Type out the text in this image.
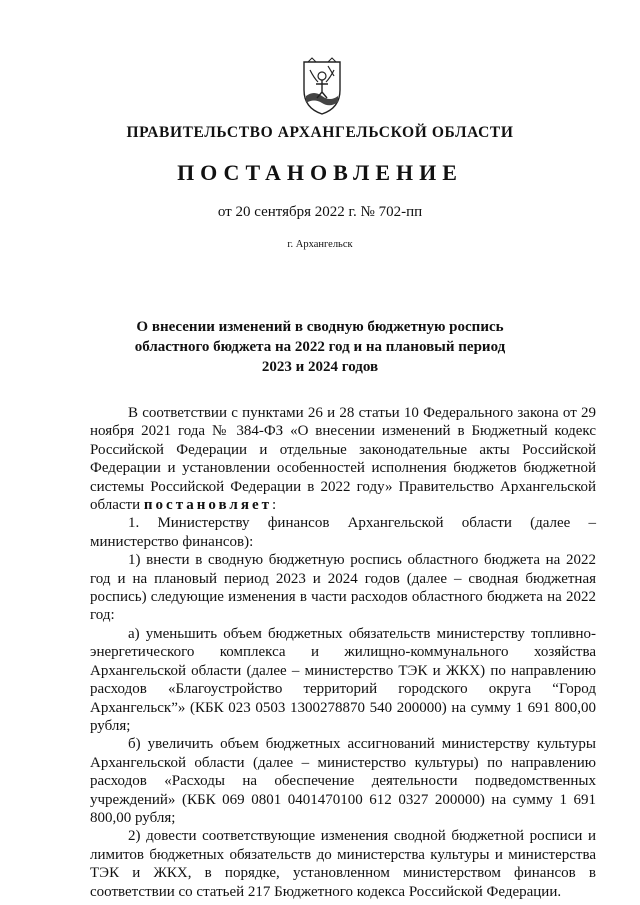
ПРАВИТЕЛЬСТВО АРХАНГЕЛЬСКОЙ ОБЛАСТИ
ПОСТАНОВЛЕНИЕ
от 20 сентября 2022 г. № 702-пп
г. Архангельск
О внесении изменений в сводную бюджетную роспись
областного бюджета на 2022 год и на плановый период
2023 и 2024 годов

В соответствии с пунктами 26 и 28 статьи 10 Федерального закона от 29 ноября 2021 года № 384-ФЗ «О внесении изменений в Бюджетный кодекс Российской Федерации и отдельные законодательные акты Российской Федерации и установлении особенностей исполнения бюджетов бюджетной системы Российской Федерации в 2022 году» Правительство Архангельской области постановляет:

1. Министерству финансов Архангельской области (далее – министерство финансов):

1) внести в сводную бюджетную роспись областного бюджета на 2022 год и на плановый период 2023 и 2024 годов (далее – сводная бюджетная роспись) следующие изменения в части расходов областного бюджета на 2022 год:

а) уменьшить объем бюджетных обязательств министерству топливно-энергетического комплекса и жилищно-коммунального хозяйства Архангельской области (далее – министерство ТЭК и ЖКХ) по направлению расходов «Благоустройство территорий городского округа “Город Архангельск”» (КБК 023 0503 1300278870 540 200000) на сумму 1 691 800,00 рубля;

б) увеличить объем бюджетных ассигнований министерству культуры Архангельской области (далее – министерство культуры) по направлению расходов «Расходы на обеспечение деятельности подведомственных учреждений» (КБК 069 0801 0401470100 612 0327 200000) на сумму 1 691 800,00 рубля;

2) довести соответствующие изменения сводной бюджетной росписи и лимитов бюджетных обязательств до министерства культуры и министерства ТЭК и ЖКХ, в порядке, установленном министерством финансов в соответствии со статьей 217 Бюджетного кодекса Российской Федерации.
